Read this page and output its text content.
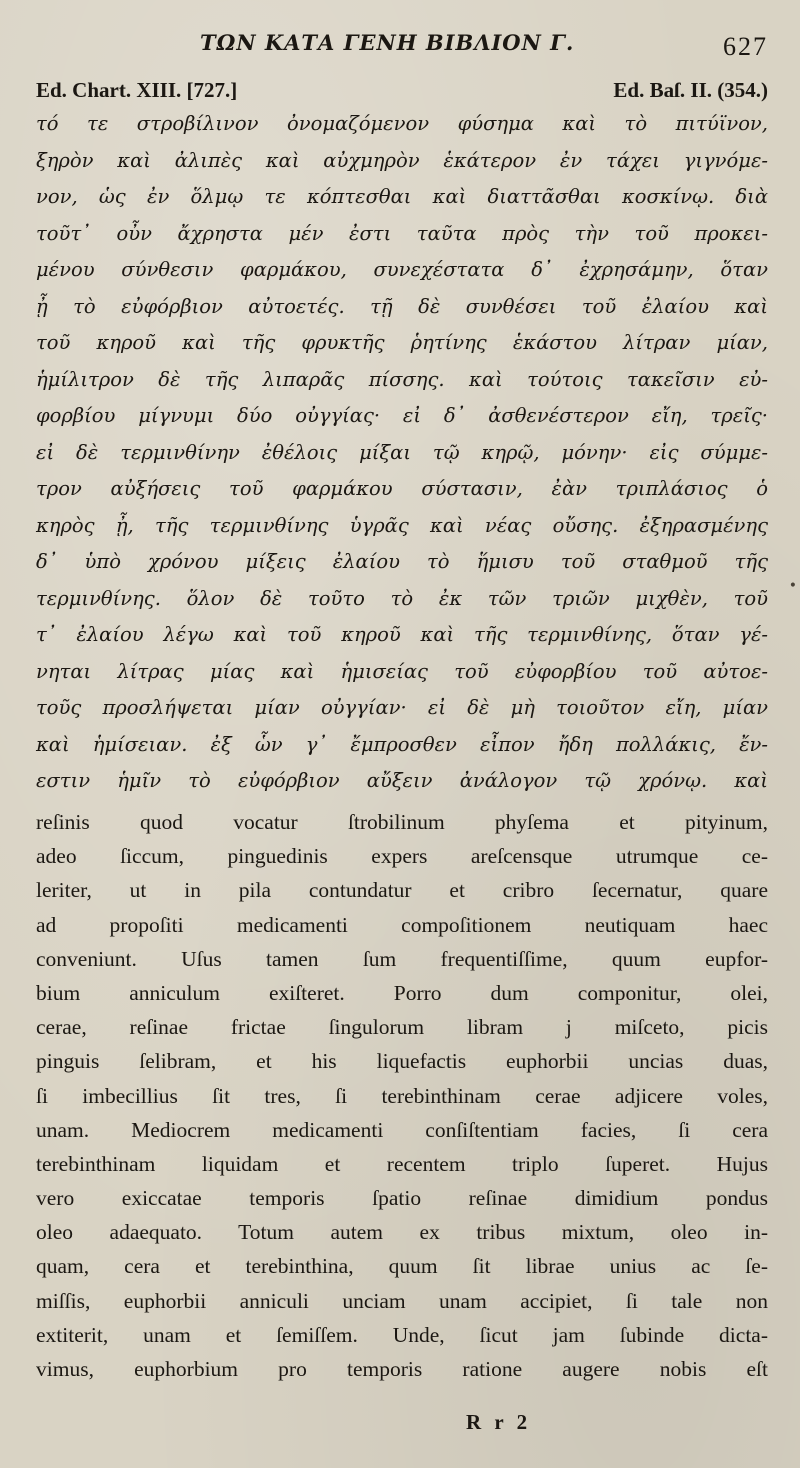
ΤΩΝ ΚΑΤΑ ΓΕΝΗ ΒΙΒΛΙΟΝ Γ.	627
Ed. Chart. XIII. [727.]	Ed. Baſ. II. (354.)
τό τε στροβίλινον ὀνομαζόμενον φύσημα καὶ τὸ πιτύϊνον,
ξηρὸν καὶ ἀλιπὲς καὶ αὐχμηρὸν ἑκάτερον ἐν τάχει γιγνόμε-
νον, ὡς ἐν ὅλμῳ τε κόπτεσθαι καὶ διαττᾶσθαι κοσκίνῳ. διὰ
τοῦτ᾿ οὖν ἄχρηστα μέν ἐστι ταῦτα πρὸς τὴν τοῦ προκει-
μένου σύνθεσιν φαρμάκου, συνεχέστατα δ᾿ ἐχρησάμην, ὅταν
ᾖ τὸ εὐφόρβιον αὐτοετές. τῇ δὲ συνθέσει τοῦ ἐλαίου καὶ
τοῦ κηροῦ καὶ τῆς φρυκτῆς ῥητίνης ἑκάστου λίτραν μίαν,
ἡμίλιτρον δὲ τῆς λιπαρᾶς πίσσης. καὶ τούτοις τακεῖσιν εὐ-
φορβίου μίγνυμι δύο οὐγγίας· εἰ δ᾿ ἀσθενέστερον εἴη, τρεῖς·
εἰ δὲ τερμινθίνην ἐθέλοις μίξαι τῷ κηρῷ, μόνην· εἰς σύμμε-
τρον αὐξήσεις τοῦ φαρμάκου σύστασιν, ἐὰν τριπλάσιος ὁ
κηρὸς ᾖ, τῆς τερμινθίνης ὑγρᾶς καὶ νέας οὔσης. ἐξηρασμένης
δ᾿ ὑπὸ χρόνου μίξεις ἐλαίου τὸ ἥμισυ τοῦ σταθμοῦ τῆς
τερμινθίνης. ὅλον δὲ τοῦτο τὸ ἐκ τῶν τριῶν μιχθὲν, τοῦ
τ᾿ ἐλαίου λέγω καὶ τοῦ κηροῦ καὶ τῆς τερμινθίνης, ὅταν γέ-
νηται λίτρας μίας καὶ ἡμισείας τοῦ εὐφορβίου τοῦ αὐτοε-
τοῦς προσλήψεται μίαν οὐγγίαν· εἰ δὲ μὴ τοιοῦτον εἴη, μίαν
καὶ ἡμίσειαν. ἐξ ὧν γ᾿ ἔμπροσθεν εἶπον ἤδη πολλάκις, ἔν-
εστιν ἡμῖν τὸ εὐφόρβιον αὔξειν ἀνάλογον τῷ χρόνῳ. καὶ
reſinis quod vocatur ſtrobilinum phyſema et pityinum,
adeo ſiccum, pinguedinis expers areſcensque utrumque ce-
leriter, ut in pila contundatur et cribro ſecernatur, quare
ad propoſiti medicamenti compoſitionem neutiquam haec
conveniunt. Uſus tamen ſum frequentiſſime, quum eupfor-
bium anniculum exiſteret. Porro dum componitur, olei,
cerae, reſinae frictae ſingulorum libram j miſceto, picis
pinguis ſelibram, et his liquefactis euphorbii uncias duas,
ſi imbecillius ſit tres, ſi terebinthinam cerae adjicere voles,
unam. Mediocrem medicamenti conſiſtentiam facies, ſi cera
terebinthinam liquidam et recentem triplo ſuperet. Hujus
vero exiccatae temporis ſpatio reſinae dimidium pondus
oleo adaequato. Totum autem ex tribus mixtum, oleo in-
quam, cera et terebinthina, quum ſit librae unius ac ſe-
miſſis, euphorbii anniculi unciam unam accipiet, ſi tale non
extiterit, unam et ſemiſſem. Unde, ſicut jam ſubinde dicta-
vimus, euphorbium pro temporis ratione augere nobis eſt
R r 2
•
